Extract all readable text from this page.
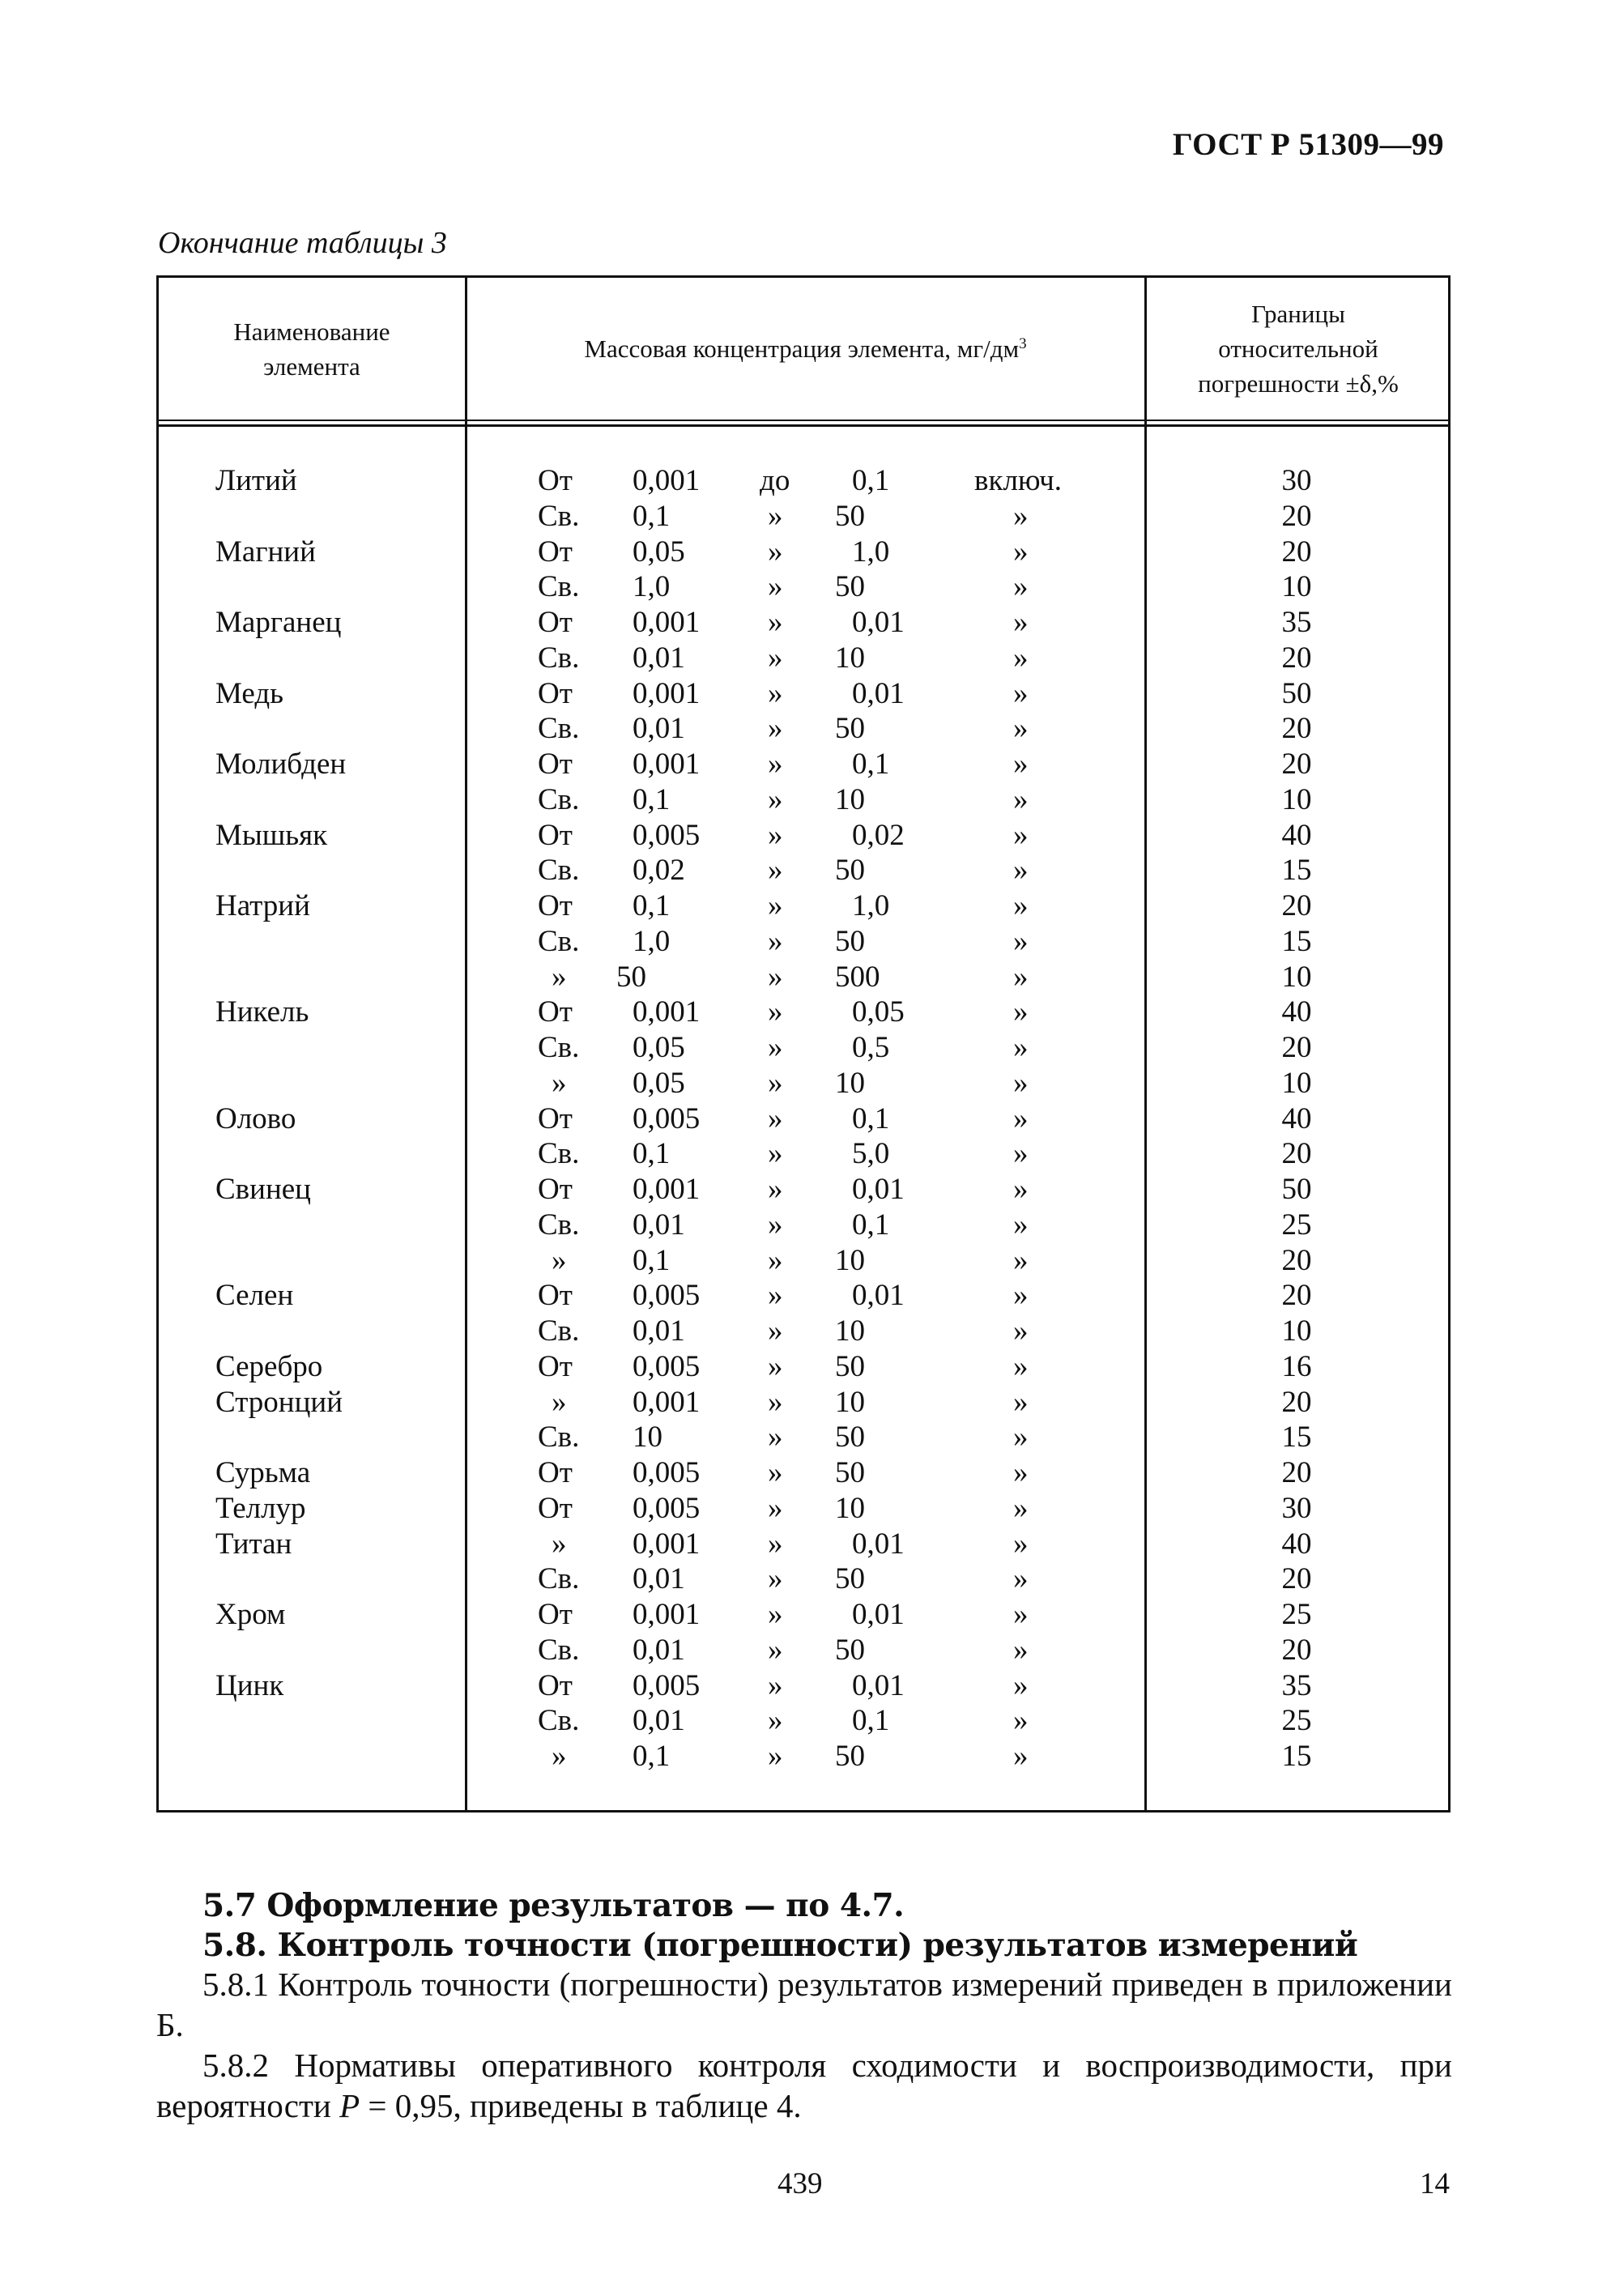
ГОСТ Р 51309—99
Окончание таблицы 3
Наименование
элемента
Массовая концентрация элемента, $мг/дм^3$
Границы
относительной
погрешности ±δ,%
Литий	От 0,001 до 0,1	включ.	30
Св. 0,1	» 50	»	20
Магний	От 0,05	» 1,0	»	20
Св. 1,0	» 50	»	10
Марганец	От 0,001 » 0,01	»	35
Св. 0,01	» 10	»	20
Медь	От 0,001 » 0,01	»	50
Св. 0,01	» 50	»	20
Молибден	От 0,001 » 0,1	»	20
Св. 0,1	» 10	»	10
Мышьяк	От 0,005 » 0,02	»	40
Св. 0,02	» 50	»	15
Натрий	От 0,1	» 1,0	»	20
Св. 1,0	» 50	»	15
» 50	» 500	»	10
Никель	От 0,001 » 0,05	»	40
Св. 0,05	» 0,5	»	20
» 0,05	» 10	»	10
Олово	От 0,005 » 0,1	»	40
Св. 0,1	» 5,0	»	20
Свинец	От 0,001 » 0,01	»	50
Св. 0,01	» 0,1	»	25
» 0,1	» 10	»	20
Селен	От 0,005 » 0,01	»	20
Св. 0,01	» 10	»	10
Серебро	От 0,005 » 50	»	16
Стронций	» 0,001 » 10	»	20
Св. 10	» 50	»	15
Сурьма	От 0,005 » 50	»	20
Теллур	От 0,005 » 10	»	30
Титан	» 0,001 » 0,01	»	40
Св. 0,01	» 50	»	20
Хром	От 0,001 » 0,01	»	25
Св. 0,01	» 50	»	20
Цинк	От 0,005 » 0,01	»	35
Св. 0,01	» 0,1	»	25
» 0,1	» 50	»	15
5.7 Оформление результатов — по 4.7.
5.8. Контроль точности (погрешности) результатов измерений
5.8.1 Контроль точности (погрешности) результатов измерений приведен в приложении Б.
5.8.2 Нормативы оперативного контроля сходимости и воспроизводимости, при вероятности P = 0,95, приведены в таблице 4.
439	14
